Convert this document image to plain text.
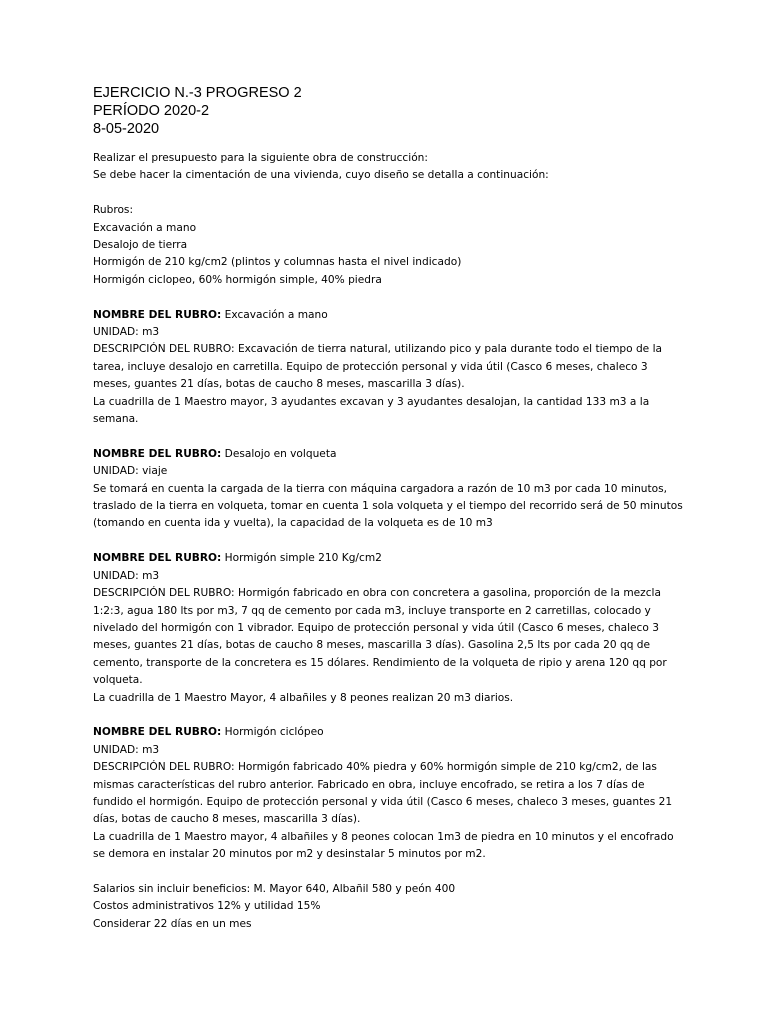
EJERCICIO N.-3 PROGRESO 2

PERÍODO 2020-2

8-05-2020

Realizar el presupuesto para la siguiente obra de construcción:

Se debe hacer la cimentación de una vivienda, cuyo diseño se detalla a continuación:

Rubros:

Excavación a mano

Desalojo de tierra

Hormigón de 210 kg/cm2 (plintos y columnas hasta el nivel indicado)

Hormigón ciclopeo, 60% hormigón simple, 40% piedra

NOMBRE DEL RUBRO: Excavación a mano

UNIDAD: m3

DESCRIPCIÓN DEL RUBRO: Excavación de tierra natural, utilizando pico y pala durante todo el tiempo de la

tarea, incluye desalojo en carretilla. Equipo de protección personal y vida útil (Casco 6 meses, chaleco 3

meses, guantes 21 días, botas de caucho 8 meses, mascarilla 3 días).

La cuadrilla de 1 Maestro mayor, 3 ayudantes excavan y 3 ayudantes desalojan, la cantidad 133 m3 a la

semana.

NOMBRE DEL RUBRO: Desalojo en volqueta

UNIDAD: viaje

Se tomará en cuenta la cargada de la tierra con máquina cargadora a razón de 10 m3 por cada 10 minutos,

traslado de la tierra en volqueta, tomar en cuenta 1 sola volqueta y el tiempo del recorrido será de 50 minutos

(tomando en cuenta ida y vuelta), la capacidad de la volqueta es de 10 m3

NOMBRE DEL RUBRO: Hormigón simple 210 Kg/cm2

UNIDAD: m3

DESCRIPCIÓN DEL RUBRO: Hormigón fabricado en obra con concretera a gasolina, proporción de la mezcla

1:2:3, agua 180 lts por m3, 7 qq de cemento por cada m3, incluye transporte en 2 carretillas, colocado y

nivelado del hormigón con 1 vibrador. Equipo de protección personal y vida útil (Casco 6 meses, chaleco 3

meses, guantes 21 días, botas de caucho 8 meses, mascarilla 3 días). Gasolina 2,5 lts por cada 20 qq de

cemento, transporte de la concretera es 15 dólares. Rendimiento de la volqueta de ripio y arena 120 qq por

volqueta.

La cuadrilla de 1 Maestro Mayor, 4 albañiles y 8 peones realizan 20 m3 diarios.

NOMBRE DEL RUBRO: Hormigón ciclópeo

UNIDAD: m3

DESCRIPCIÓN DEL RUBRO: Hormigón fabricado 40% piedra y 60% hormigón simple de 210 kg/cm2, de las

mismas características del rubro anterior. Fabricado en obra, incluye encofrado, se retira a los 7 días de

fundido el hormigón. Equipo de protección personal y vida útil (Casco 6 meses, chaleco 3 meses, guantes 21

días, botas de caucho 8 meses, mascarilla 3 días).

La cuadrilla de 1 Maestro mayor, 4 albañiles y 8 peones colocan 1m3 de piedra en 10 minutos y el encofrado

se demora en instalar 20 minutos por m2 y desinstalar 5 minutos por m2.

Salarios sin incluir beneficios: M. Mayor 640, Albañil 580 y peón 400

Costos administrativos 12% y utilidad 15%

Considerar 22 días en un mes
